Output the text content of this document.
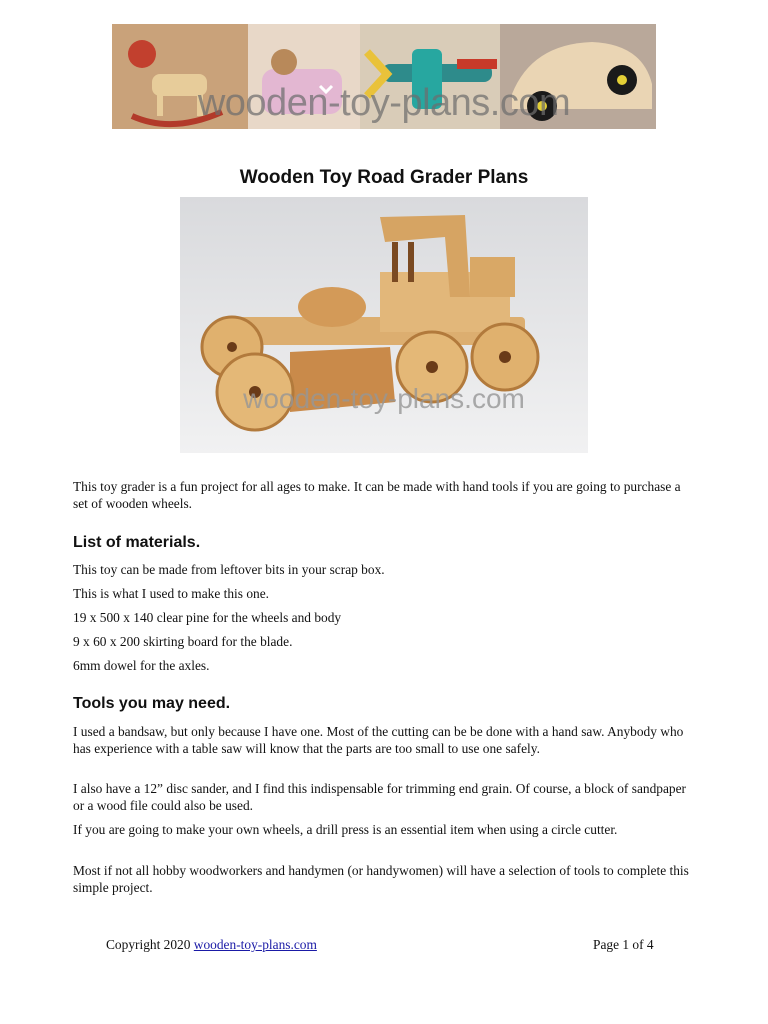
wooden-toy-plans.com
Wooden Toy Road Grader Plans
wooden-toy-plans.com

This toy grader is a fun project for all ages to make. It can be made with hand tools if you are going to purchase a set of wooden wheels.

List of materials.

This toy can be made from leftover bits in your scrap box.

This is what I used to make this one.

19 x 500 x 140 clear pine for the wheels and body

9 x 60 x 200 skirting board for the blade.

6mm dowel for the axles.

Tools you may need.

I used a bandsaw, but only because I have one. Most of the cutting can be be done with a hand saw. Anybody who has experience with a table saw will know that the parts are too small to use one safely.

I also have a 12” disc sander, and I find this indispensable for trimming end grain. Of course, a block of sandpaper or a wood file could also be used.

If you are going to make your own wheels, a drill press is an essential item when using a circle cutter.

Most if not all hobby woodworkers and handymen (or handywomen) will have a selection of tools to complete this simple project.

Copyright 2020 wooden-toy-plans.com	Page 1 of 4
